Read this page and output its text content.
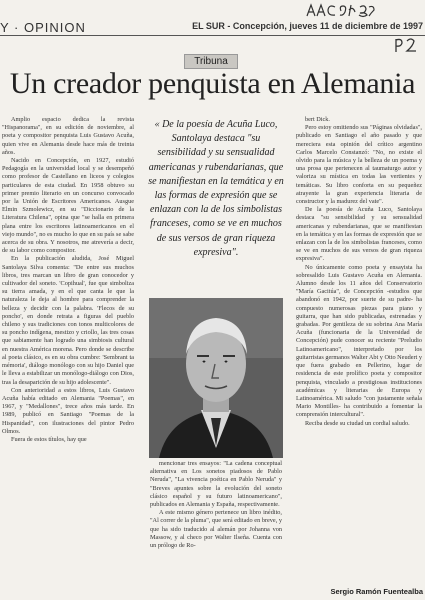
Y · OPINION	EL SUR - Concepción, jueves 11 de diciembre de 1997
Tribuna
Un creador penquista en Alemania

Amplio espacio dedica la revista "Hispanorama", en su edición de noviembre, al poeta y compositor penquista Luis Gustavo Acuña, quien vive en Alemania desde hace más de treinta años.

Nacido en Concepción, en 1927, estudió Pedagogía en la universidad local y se desempeñó como profesor de Castellano en liceos y colegios particulares de esta ciudad. En 1958 obtuvo su primer premio literario en un concurso convocado por la Unión de Escritores Americanos. Ausgue Elmin Szmolewicz, en su "Diccionario de la Literatura Chilena", opina que "se halla en primera plana entre los escritores latinoamericanos en el viejo mundo", no es mucho lo que en su país se sabe acerca de su obra. Y nosotros, me atrevería a decir, de su labor como compositor.

En la publicación aludida, José Miguel Santolaya Silva comenta: "De entre sus muchos libros, tres marcan un libro de gran conocedor y cultivador del soneto. 'Copihual', fue que simboliza su tierra amada, y en el que canta le que la naturaleza le deja al hombre para comprender la belleza y decidir con la palabra. 'Flecos de su poncho', en donde retrata a figuras del pueblo chileno y sus tradiciones con tonos multicolores de su poncho indígena, mestizo y criollo, las tres cosas que sabiamente han logrado una simbiosis cultural en nuestra América morena. Pero donde se describe al poeta clásico, es en su obra cumbre: 'Sembrant ta mémoria', diálogo monólogo con su hijo Daniel que le lleva a estabilizar un monólogo-diálogo con Dios, tras la desaparición de su hijo adolescente".

Con anterioridad a estos libros, Luis Gustavo Acuña había editado en Alemania "Poemas", en 1967, y "Medallones", trece años más tarde. En 1989, publicó en Santiago "Poemas de la Hispanidad", con ilustraciones del pintor Pedro Olmos.

Fuera de estos títulos, hay que

« De la poesía de Acuña Luco, Santolaya destaca "su sensibilidad y su sensualidad americanas y rubendarianas, que se manifiestan en la temática y en las formas de expresión que se enlazan con la de los simbolistas franceses, como se ve en muchos de sus versos de gran riqueza expresiva".

mencionar tres ensayos: "La cadena conceptual alternativa en Los sonetos piadosos de Pablo Neruda", "La vivencia poética en Pablo Neruda" y "Breves apuntes sobre la evolución del soneto clásico español y su futuro latinoamericano", publicados en Alemania y España, respectivamente.

A este mismo género pertenece un libro inédito, "Al correr de la pluma", que será editado en breve, y que ha sido traducido al alemán por Johanna von Massow, y al checo por Walter Ilseña. Cuenta con un prólogo de Ro-

bert Dick.

Pero estoy omitiendo sus "Páginas olvidadas", publicado en Santiago el año pasado y que mereciera esta opinión del crítico argentino Carlos Marcelo Constanzó: "No, no existe el olvido para la música y la belleza de un poema y una prosa que pertenecen al taumaturgo autor y valoriza su mística en todas las vertientes y temáticas. Su libro conforta en su pequeñez atrayente la gran experiencia literaria de constructor y la madurez del vate".

De la poesía de Acuña Luco, Santolaya destaca "su sensibilidad y su sensualidad americanas y rubendarianas, que se manifiestan en la temática y en las formas de expresión que se enlazan con la de los simbolistas franceses, como se ve en muchos de sus versos de gran riqueza expresiva".

No únicamente como poeta y ensayista ha sobresalido Luis Gustavo Acuña en Alemania. Alumno desde los 11 años del Conservatorio "María Gacitúa", de Concepción -estudios que abandonó en 1942, por suerte de su padre- ha compuesto numerosas piezas para piano y guitarra, que han sido publicadas, estrenadas y grabadas. Por gentileza de su sobrina Ana María Acuña (funcionaria de la Universidad de Concepción) pude conocer su reciente "Preludio Latinoamericano", interpretado por los guitarristas germanos Walter Abt y Otto Neudert y que fuera grabado en Pellerino, lugar de residencia de este prolífico poeta y compositor penquista, vinculado a prestigiosas instituciones académicas y literarias de Europa y Latinoamérica. Mi saludo "con justamente señala Mario Montilles- ha contribuido a fomentar la comprensión intercultural".

Reciba desde su ciudad un cordial saludo.

Sergio Ramón Fuentealba
